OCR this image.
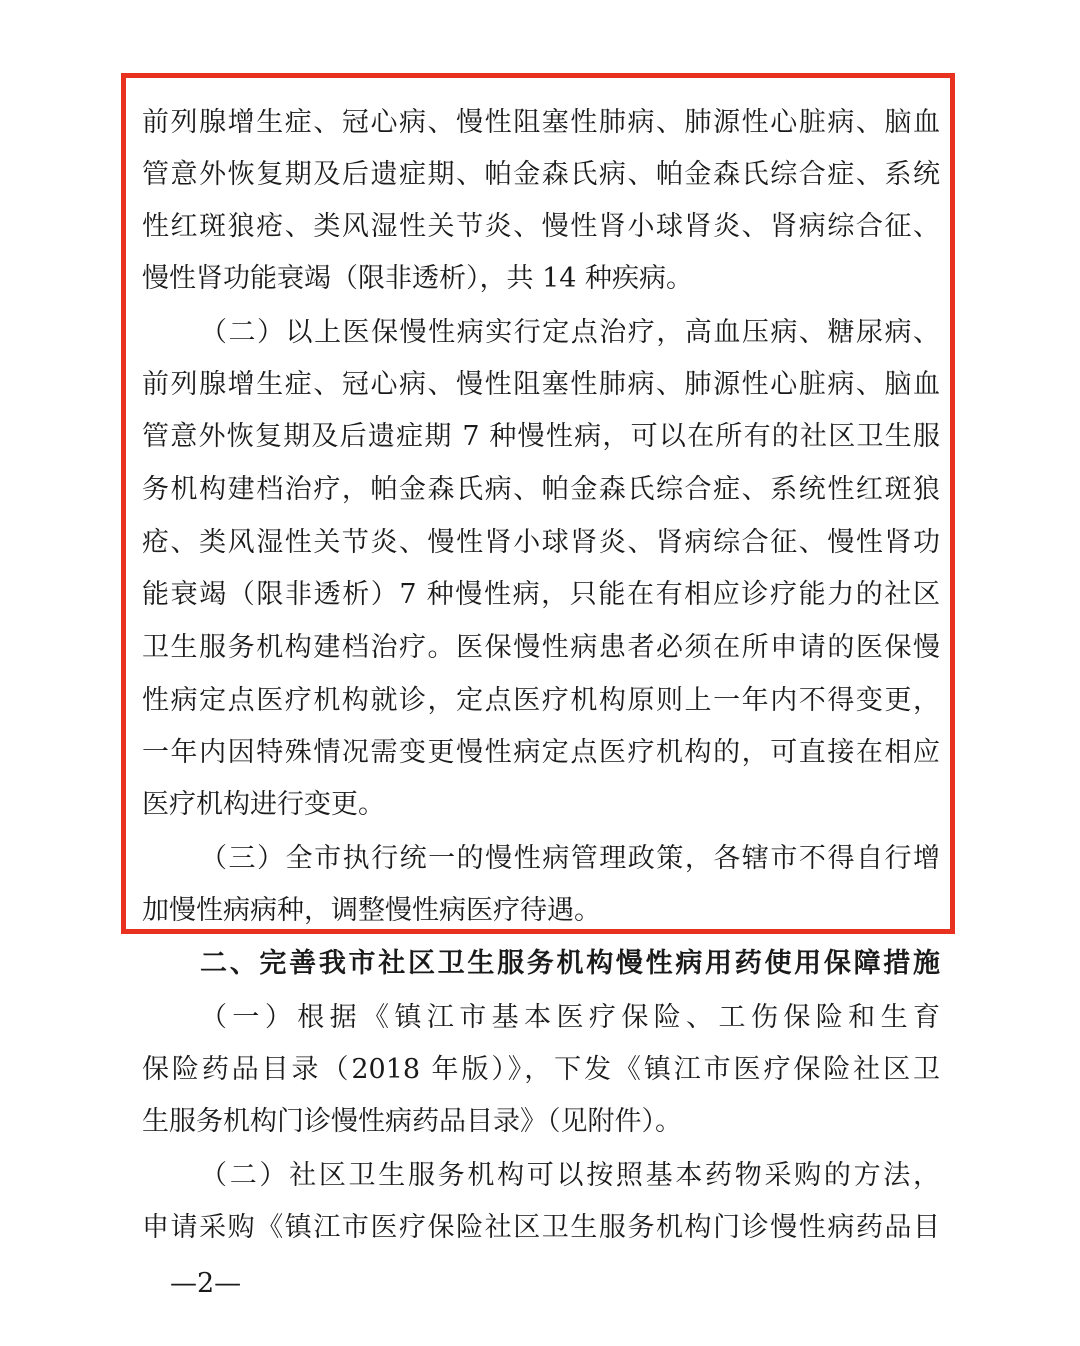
前列腺增生症、冠心病、慢性阻塞性肺病、肺源性心脏病、脑血
管意外恢复期及后遗症期、帕金森氏病、帕金森氏综合症、系统
性红斑狼疮、类风湿性关节炎、慢性肾小球肾炎、肾病综合征、
慢性肾功能衰竭（限非透析），共 14 种疾病。
（二）以上医保慢性病实行定点治疗，高血压病、糖尿病、
前列腺增生症、冠心病、慢性阻塞性肺病、肺源性心脏病、脑血
管意外恢复期及后遗症期 7 种慢性病，可以在所有的社区卫生服
务机构建档治疗，帕金森氏病、帕金森氏综合症、系统性红斑狼
疮、类风湿性关节炎、慢性肾小球肾炎、肾病综合征、慢性肾功
能衰竭（限非透析）7 种慢性病，只能在有相应诊疗能力的社区
卫生服务机构建档治疗。医保慢性病患者必须在所申请的医保慢
性病定点医疗机构就诊，定点医疗机构原则上一年内不得变更，
一年内因特殊情况需变更慢性病定点医疗机构的，可直接在相应
医疗机构进行变更。
（三）全市执行统一的慢性病管理政策，各辖市不得自行增
加慢性病病种，调整慢性病医疗待遇。
二、完善我市社区卫生服务机构慢性病用药使用保障措施
（一）根据《镇江市基本医疗保险、工伤保险和生育
保险药品目录（2018 年版）》，下发《镇江市医疗保险社区卫
生服务机构门诊慢性病药品目录》（见附件）。
（二）社区卫生服务机构可以按照基本药物采购的方法，
申请采购《镇江市医疗保险社区卫生服务机构门诊慢性病药品目
—2—
